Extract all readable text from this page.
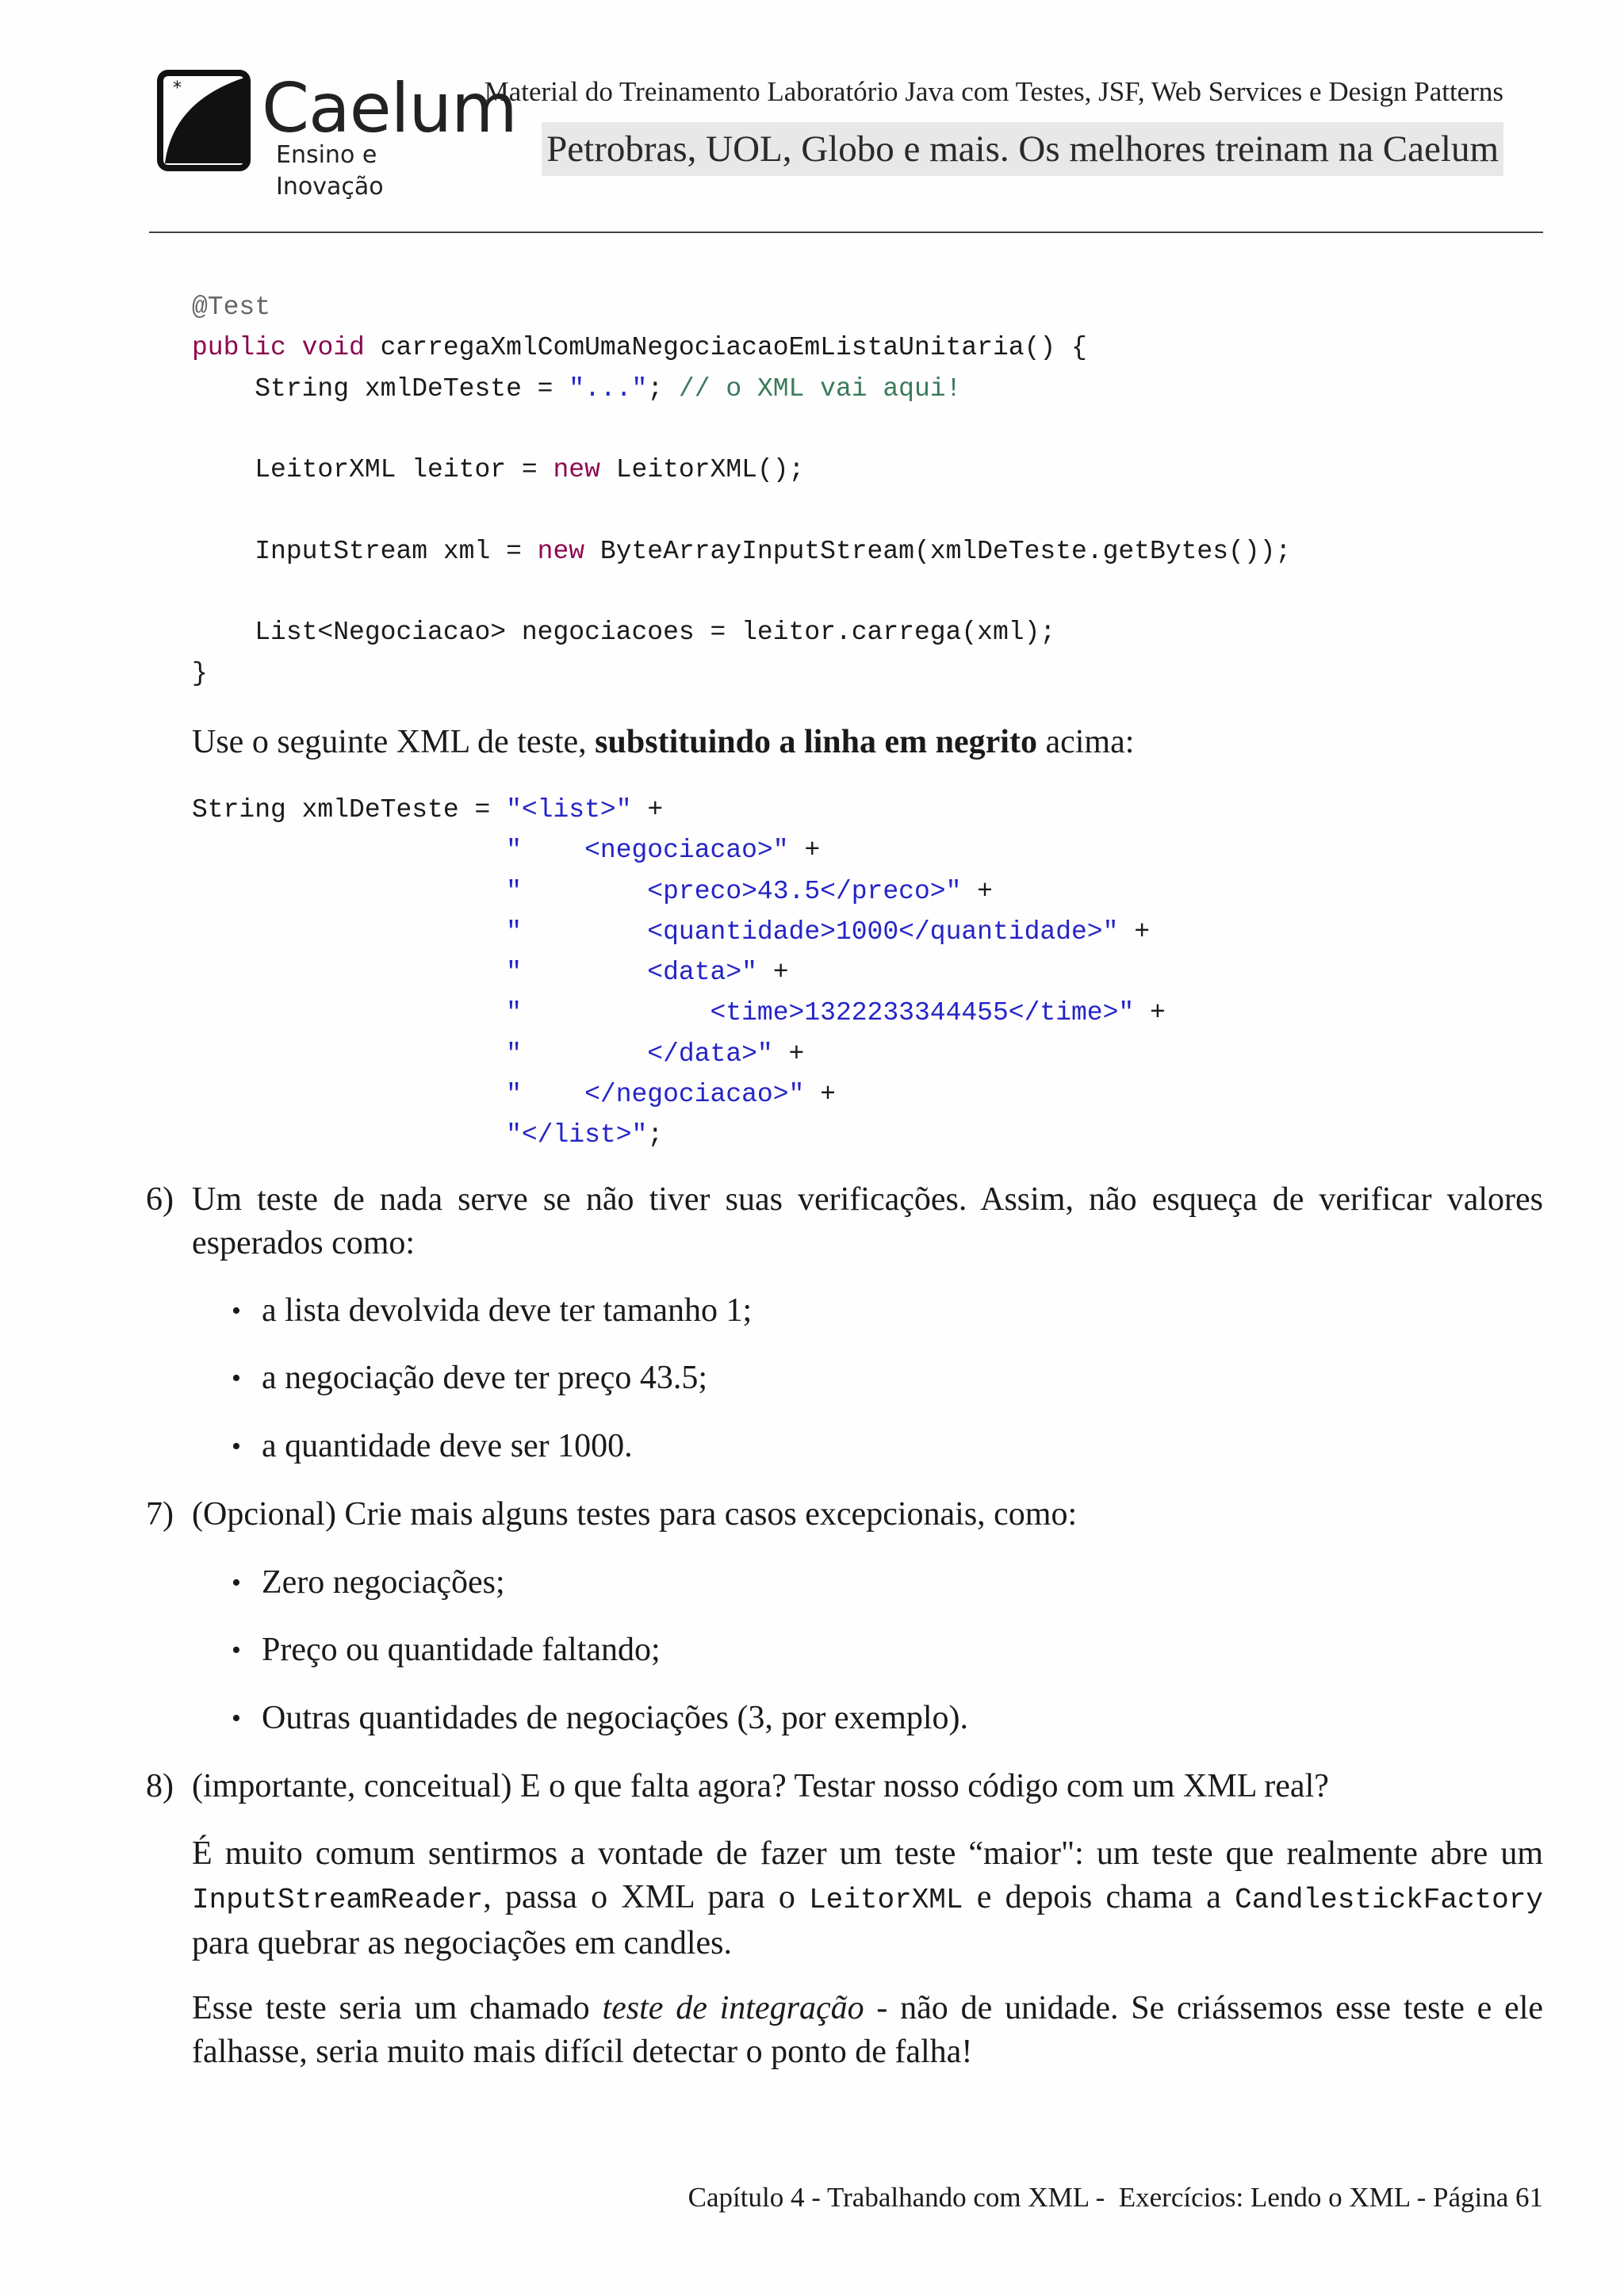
* Caelum
Ensino e Inovação
Material do Treinamento Laboratório Java com Testes, JSF, Web Services e Design Patterns
Petrobras, UOL, Globo e mais. Os melhores treinam na Caelum
@Test
public void carregaXmlComUmaNegociacaoEmListaUnitaria() {
String xmlDeTeste = "..."; // o XML vai aqui!

LeitorXML leitor = new LeitorXML();

InputStream xml = new ByteArrayInputStream(xmlDeTeste.getBytes());

List<Negociacao> negociacoes = leitor.carrega(xml);
}
Use o seguinte XML de teste, substituindo a linha em negrito acima:
String xmlDeTeste = "<list>" +
"    <negociacao>" +
"        <preco>43.5</preco>" +
"        <quantidade>1000</quantidade>" +
"        <data>" +
"            <time>1322233344455</time>" +
"        </data>" +
"    </negociacao>" +
"</list>";
6) Um teste de nada serve se não tiver suas verificações. Assim, não esqueça de verificar valores esperados como:
• a lista devolvida deve ter tamanho 1;
• a negociação deve ter preço 43.5;
• a quantidade deve ser 1000.
7) (Opcional) Crie mais alguns testes para casos excepcionais, como:
• Zero negociações;
• Preço ou quantidade faltando;
• Outras quantidades de negociações (3, por exemplo).
8) (importante, conceitual) E o que falta agora? Testar nosso código com um XML real?
É muito comum sentirmos a vontade de fazer um teste “maior": um teste que realmente abre um InputStreamReader, passa o XML para o LeitorXML e depois chama a CandlestickFactory para quebrar as negociações em candles.
Esse teste seria um chamado teste de integração - não de unidade. Se criássemos esse teste e ele falhasse, seria muito mais difícil detectar o ponto de falha!
Capítulo 4 - Trabalhando com XML -  Exercícios: Lendo o XML - Página 61
